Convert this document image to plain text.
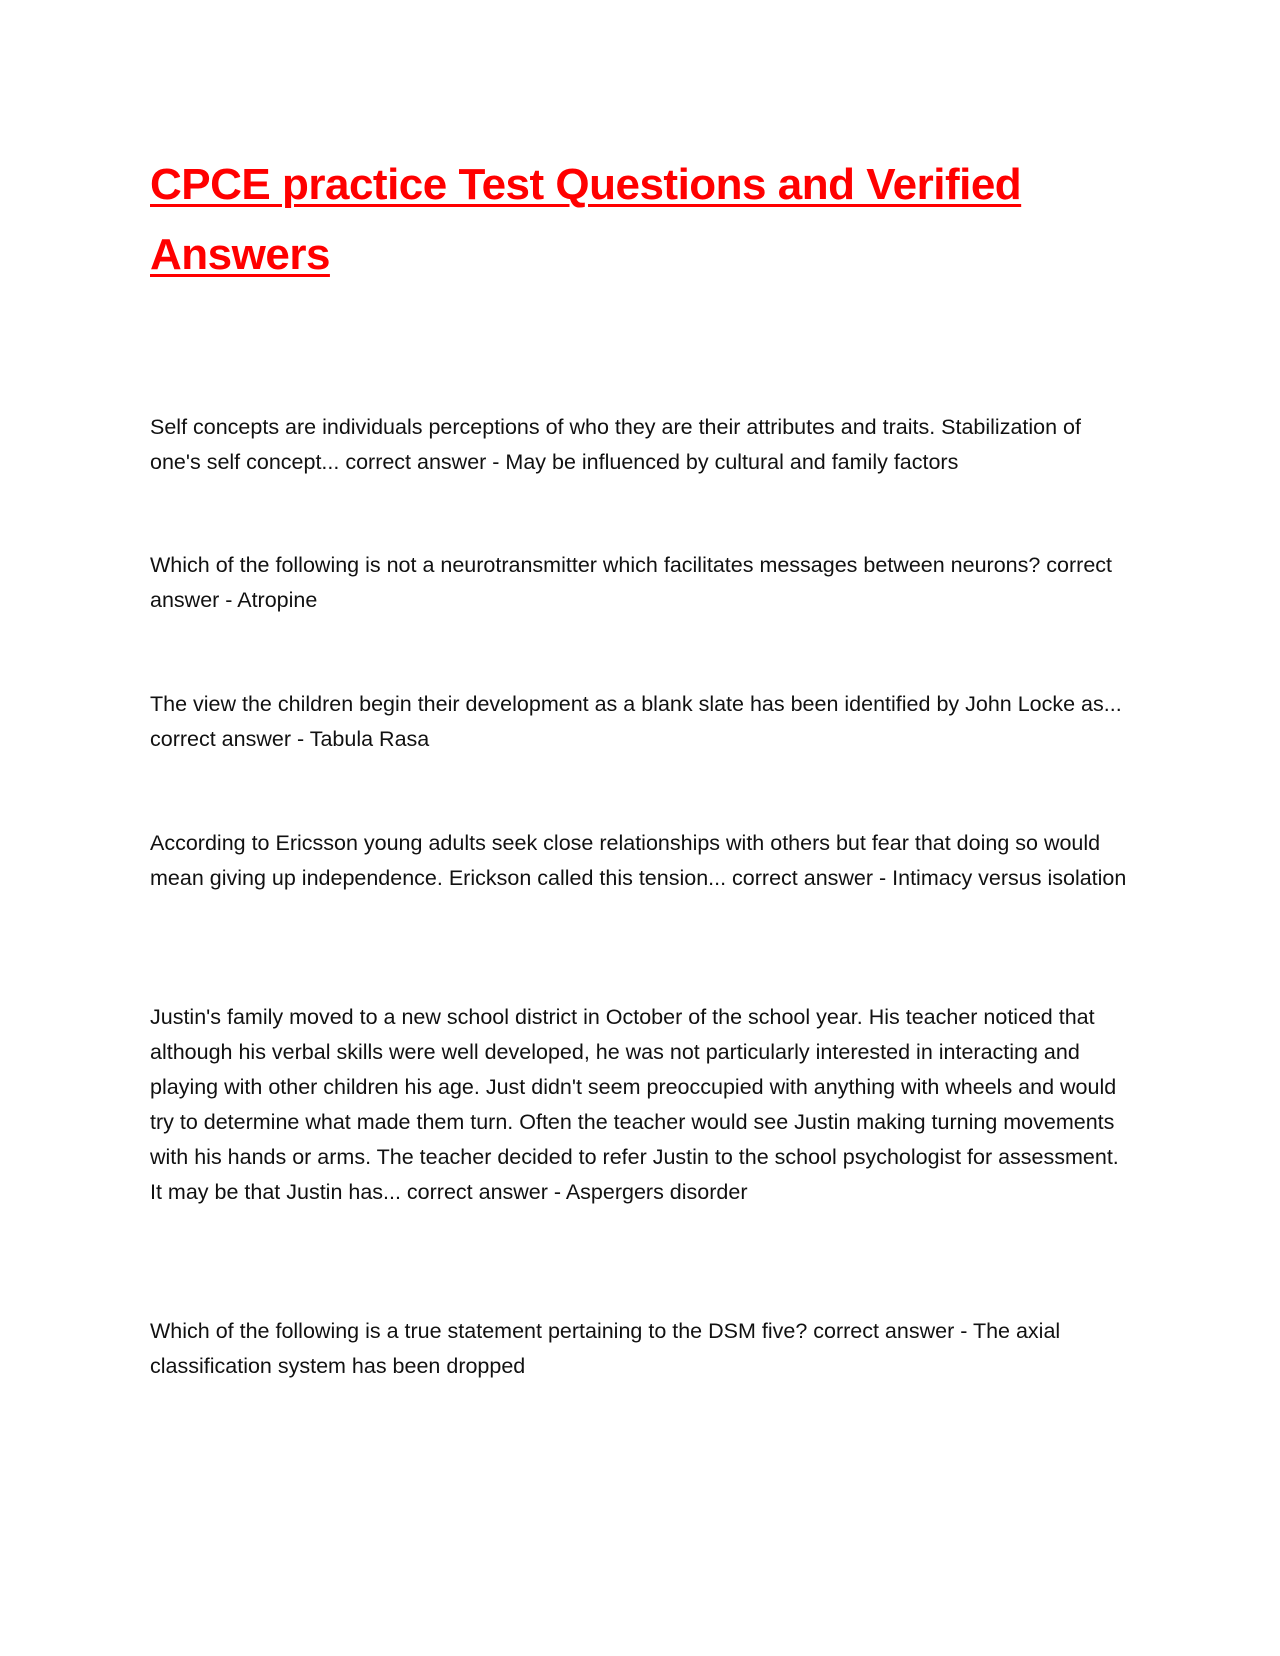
CPCE practice Test Questions and Verified Answers

Self concepts are individuals perceptions of who they are their attributes and traits. Stabilization of one's self concept... correct answer - May be influenced by cultural and family factors

Which of the following is not a neurotransmitter which facilitates messages between neurons? correct answer - Atropine

The view the children begin their development as a blank slate has been identified by John Locke as... correct answer - Tabula Rasa

According to Ericsson young adults seek close relationships with others but fear that doing so would mean giving up independence. Erickson called this tension... correct answer - Intimacy versus isolation

Justin's family moved to a new school district in October of the school year. His teacher noticed that although his verbal skills were well developed, he was not particularly interested in interacting and playing with other children his age. Just didn't seem preoccupied with anything with wheels and would try to determine what made them turn. Often the teacher would see Justin making turning movements with his hands or arms. The teacher decided to refer Justin to the school psychologist for assessment. It may be that Justin has... correct answer - Aspergers disorder

Which of the following is a true statement pertaining to the DSM five? correct answer - The axial classification system has been dropped
